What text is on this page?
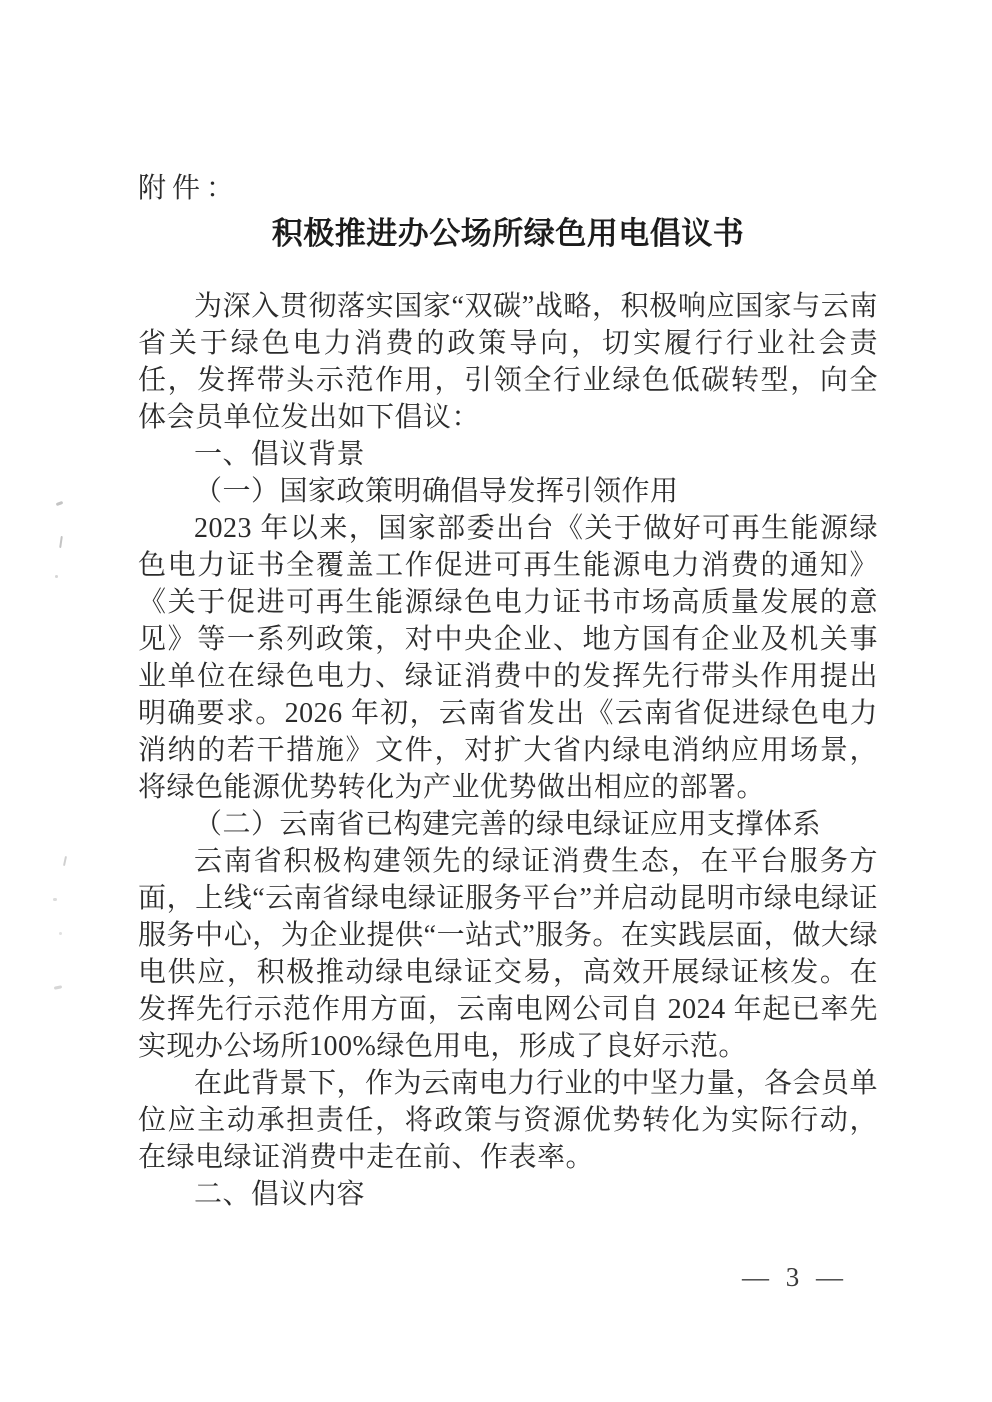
附件：
积极推进办公场所绿色用电倡议书

为深入贯彻落实国家“双碳”战略，积极响应国家与云南省关于绿色电力消费的政策导向，切实履行行业社会责任，发挥带头示范作用，引领全行业绿色低碳转型，向全体会员单位发出如下倡议：

一、倡议背景

（一）国家政策明确倡导发挥引领作用

2023 年以来，国家部委出台《关于做好可再生能源绿色电力证书全覆盖工作促进可再生能源电力消费的通知》《关于促进可再生能源绿色电力证书市场高质量发展的意见》等一系列政策，对中央企业、地方国有企业及机关事业单位在绿色电力、绿证消费中的发挥先行带头作用提出明确要求。2026 年初，云南省发出《云南省促进绿色电力消纳的若干措施》文件，对扩大省内绿电消纳应用场景，将绿色能源优势转化为产业优势做出相应的部署。

（二）云南省已构建完善的绿电绿证应用支撑体系

云南省积极构建领先的绿证消费生态，在平台服务方面，上线“云南省绿电绿证服务平台”并启动昆明市绿电绿证服务中心，为企业提供“一站式”服务。在实践层面，做大绿电供应，积极推动绿电绿证交易，高效开展绿证核发。在发挥先行示范作用方面，云南电网公司自 2024 年起已率先实现办公场所100%绿色用电，形成了良好示范。

在此背景下，作为云南电力行业的中坚力量，各会员单位应主动承担责任，将政策与资源优势转化为实际行动，在绿电绿证消费中走在前、作表率。

二、倡议内容

— 3 —
